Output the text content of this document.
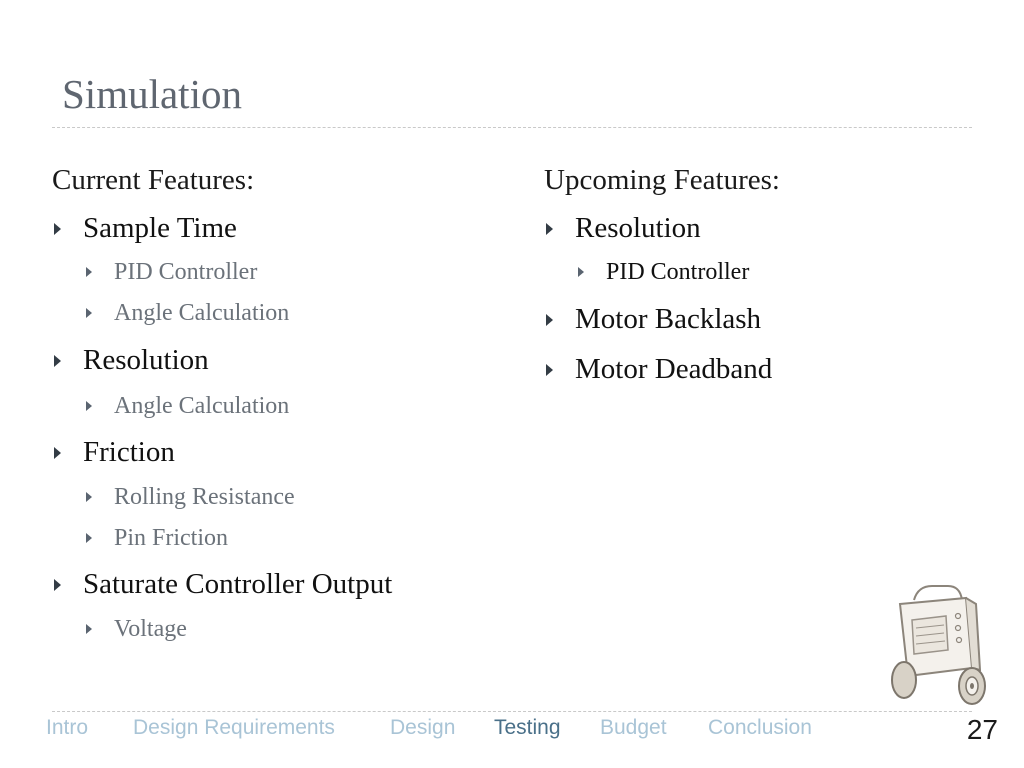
Simulation
Current Features:
Sample Time
PID Controller
Angle Calculation
Resolution
Angle Calculation
Friction
Rolling Resistance
Pin Friction
Saturate Controller Output
Voltage
Upcoming Features:
Resolution
PID Controller
Motor Backlash
Motor Deadband
Intro Design Requirements	Design Testing Budget Conclusion	27
